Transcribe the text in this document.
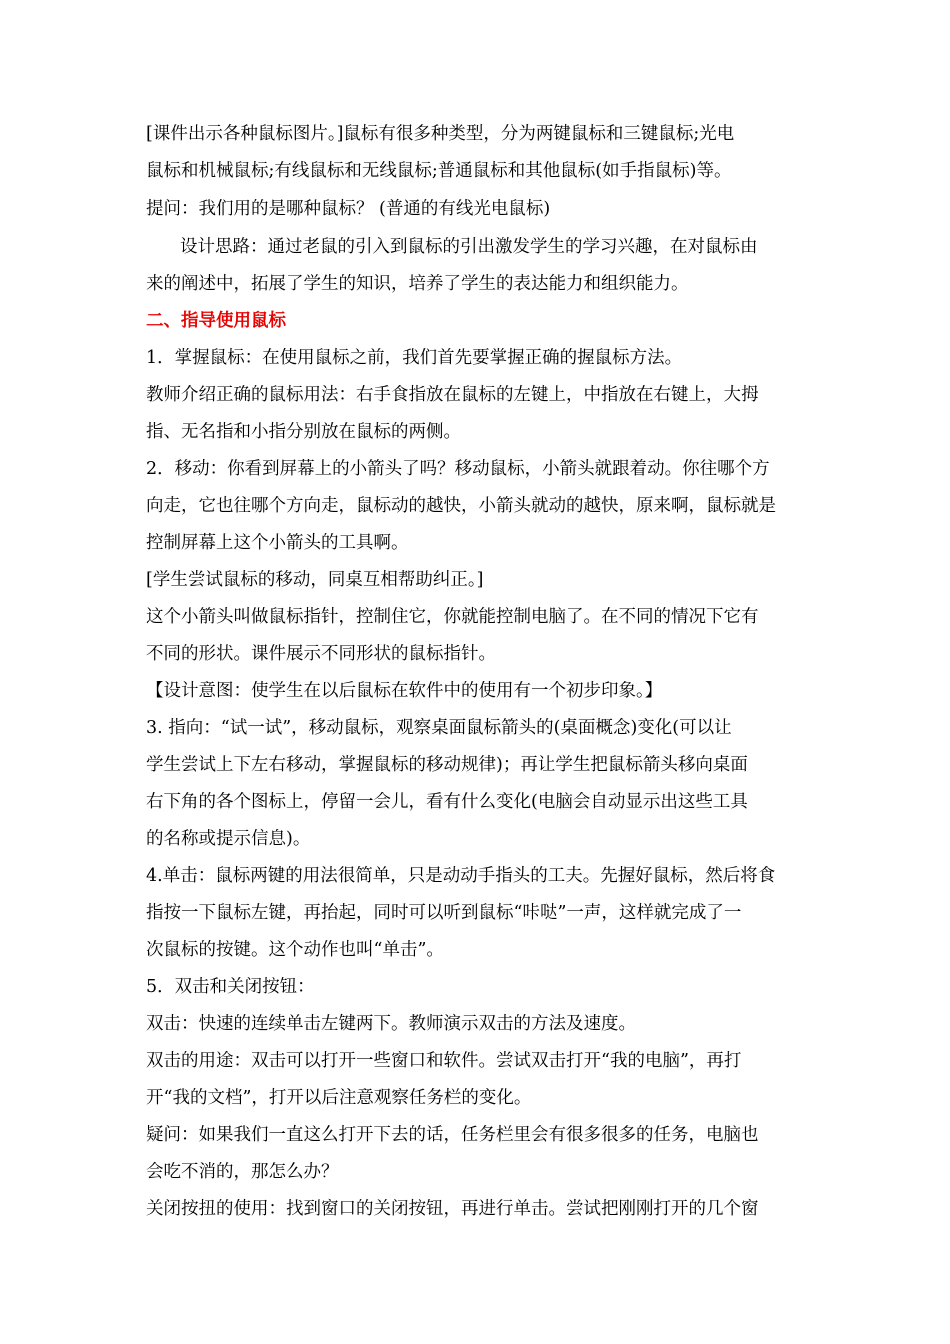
[课件出示各种鼠标图片。]鼠标有很多种类型，分为两键鼠标和三键鼠标;光电
鼠标和机械鼠标;有线鼠标和无线鼠标;普通鼠标和其他鼠标(如手指鼠标)等。
提问：我们用的是哪种鼠标？ (普通的有线光电鼠标)
设计思路：通过老鼠的引入到鼠标的引出激发学生的学习兴趣，在对鼠标由
来的阐述中，拓展了学生的知识，培养了学生的表达能力和组织能力。
二、指导使用鼠标
1．掌握鼠标：在使用鼠标之前，我们首先要掌握正确的握鼠标方法。
教师介绍正确的鼠标用法：右手食指放在鼠标的左键上，中指放在右键上，大拇
指、无名指和小指分别放在鼠标的两侧。
2．移动：你看到屏幕上的小箭头了吗？移动鼠标，小箭头就跟着动。你往哪个方
向走，它也往哪个方向走，鼠标动的越快，小箭头就动的越快，原来啊，鼠标就是
控制屏幕上这个小箭头的工具啊。
[学生尝试鼠标的移动，同桌互相帮助纠正。]
这个小箭头叫做鼠标指针，控制住它，你就能控制电脑了。在不同的情况下它有
不同的形状。课件展示不同形状的鼠标指针。
【设计意图：使学生在以后鼠标在软件中的使用有一个初步印象。】
3. 指向：“试一试”，移动鼠标，观察桌面鼠标箭头的(桌面概念)变化(可以让
学生尝试上下左右移动，掌握鼠标的移动规律)；再让学生把鼠标箭头移向桌面
右下角的各个图标上，停留一会儿，看有什么变化(电脑会自动显示出这些工具
的名称或提示信息)。
4.单击：鼠标两键的用法很简单，只是动动手指头的工夫。先握好鼠标，然后将食
指按一下鼠标左键，再抬起，同时可以听到鼠标“咔哒”一声，这样就完成了一
次鼠标的按键。这个动作也叫“单击”。
5．双击和关闭按钮：
双击：快速的连续单击左键两下。教师演示双击的方法及速度。
双击的用途：双击可以打开一些窗口和软件。尝试双击打开“我的电脑”，再打
开“我的文档”，打开以后注意观察任务栏的变化。
疑问：如果我们一直这么打开下去的话，任务栏里会有很多很多的任务，电脑也
会吃不消的，那怎么办？
关闭按扭的使用：找到窗口的关闭按钮，再进行单击。尝试把刚刚打开的几个窗
